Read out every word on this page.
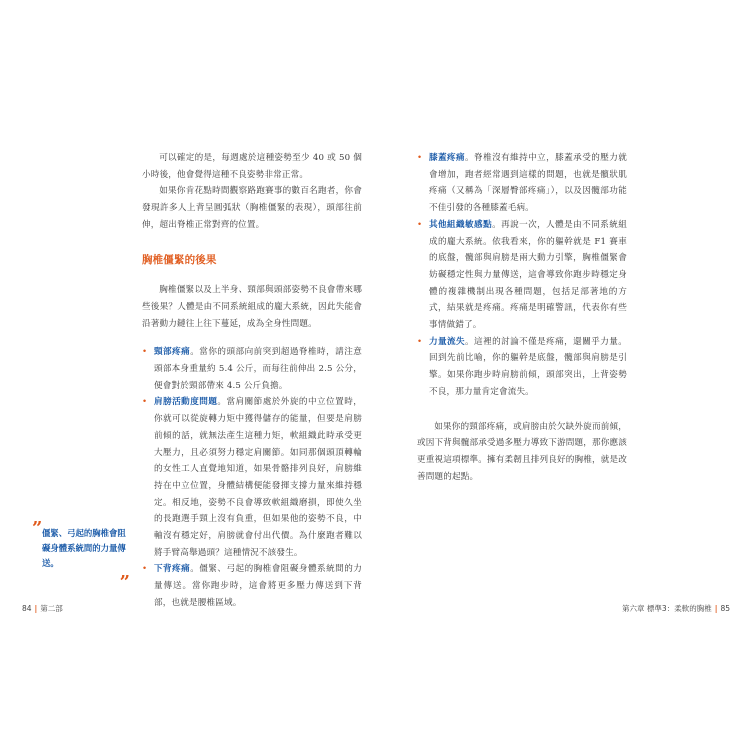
可以確定的是，每週處於這種姿勢至少 40 或 50 個小時後，他會覺得這種不良姿勢非常正常。

如果你肯花點時間觀察路跑賽事的數百名跑者，你會發現許多人上背呈圓弧狀（胸椎僵緊的表現），頭部往前伸，超出脊椎正常對齊的位置。

胸椎僵緊的後果

胸椎僵緊以及上半身、頸部與頭部姿勢不良會帶來哪些後果？人體是由不同系統組成的龐大系統，因此失能會沿著動力鏈往上往下蔓延，成為全身性問題。

• 頸部疼痛。當你的頭部向前突到超過脊椎時，請注意頭部本身重量約 5.4 公斤，而每往前伸出 2.5 公分，便會對於頸部帶來 4.5 公斤負擔。
• 肩膀活動度問題。當肩關節處於外旋的中立位置時，你就可以從旋轉力矩中獲得儲存的能量，但要是肩膀前傾的話，就無法產生這種力矩，軟組織此時承受更大壓力，且必須努力穩定肩關節。如同那個頭頂轉輪的女性工人直覺地知道，如果骨骼排列良好，肩膀維持在中立位置，身體結構便能發揮支撐力量來維持穩定。相反地，姿勢不良會導致軟組織磨損，即使久坐的長跑選手頸上沒有負重，但如果他的姿勢不良，中軸沒有穩定好，肩膀就會付出代價。為什麼跑者難以將手臂高舉過頭？這種情況不該發生。
• 下背疼痛。僵緊、弓起的胸椎會阻礙身體系統間的力量傳送。當你跑步時，這會將更多壓力傳送到下背部，也就是腰椎區域。
” 僵緊、弓起的胸椎會阻礙身體系統間的力量傳送。
”
84 | 第二部
• 膝蓋疼痛。脊椎沒有維持中立，膝蓋承受的壓力就會增加，跑者經常遇到這樣的問題，也就是髕狀肌疼痛（又稱為「深層臀部疼痛」），以及因髖部功能不佳引發的各種膝蓋毛病。
• 其他組織敏感點。再說一次，人體是由不同系統組成的龐大系統。依我看來，你的軀幹就是 F1 賽車的底盤，髖部與肩膀是兩大動力引擎，胸椎僵緊會妨礙穩定性與力量傳送，這會導致你跑步時穩定身體的複雜機制出現各種問題，包括足部著地的方式，結果就是疼痛。疼痛是明確警訊，代表你有些事情做錯了。
• 力量流失。這裡的討論不僅是疼痛，還關乎力量。回到先前比喻，你的軀幹是底盤，髖部與肩膀是引擎。如果你跑步時肩膀前傾，頭部突出，上背姿勢不良，那力量肯定會流失。

如果你的頸部疼痛，或肩膀由於欠缺外旋而前傾，或因下背與髖部承受過多壓力導致下游問題，那你應該更重視這項標準。擁有柔韌且排列良好的胸椎，就是改善問題的起點。

第六章 標準3：柔軟的胸椎 | 85
